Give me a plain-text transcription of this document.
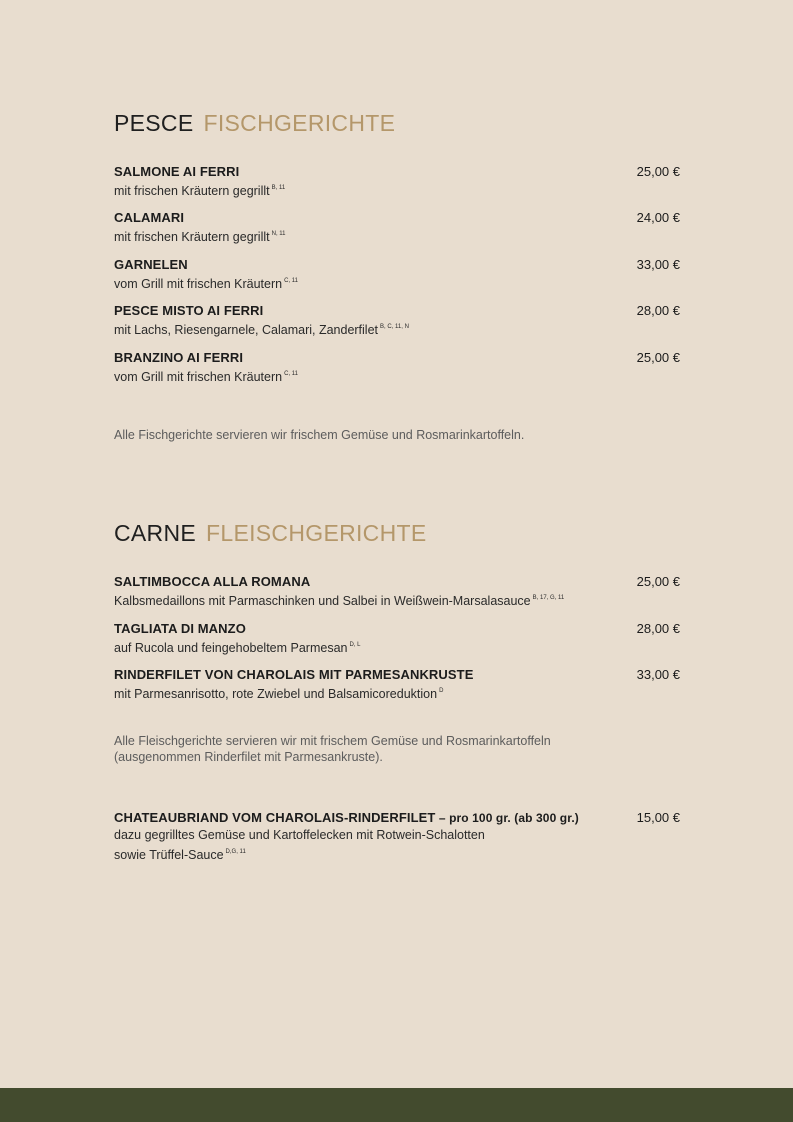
PESCE FISCHGERICHTE
SALMONE AI FERRI	25,00 €
mit frischen Kräutern gegrillt $^{B, 11}$
CALAMARI	24,00 €
mit frischen Kräutern gegrillt $^{N, 11}$
GARNELEN	33,00 €
vom Grill mit frischen Kräutern $^{C, 11}$
PESCE MISTO AI FERRI	28,00 €
mit Lachs, Riesengarnele, Calamari, Zanderfilet $^{B, C, 11, N}$
BRANZINO AI FERRI	25,00 €
vom Grill mit frischen Kräutern $^{C, 11}$
Alle Fischgerichte servieren wir frischem Gemüse und Rosmarinkartoffeln.
CARNE FLEISCHGERICHTE
SALTIMBOCCA ALLA ROMANA	25,00 €
Kalbsmedaillons mit Parmaschinken und Salbei in Weißwein-Marsalasauce $^{B, 17, G, 11}$
TAGLIATA DI MANZO	28,00 €
auf Rucola und feingehobeltem Parmesan $^{D, L}$
RINDERFILET VON CHAROLAIS MIT PARMESANKRUSTE	33,00 €
mit Parmesanrisotto, rote Zwiebel und Balsamicoreduktion $^D$
Alle Fleischgerichte servieren wir mit frischem Gemüse und Rosmarinkartoffeln
(ausgenommen Rinderfilet mit Parmesankruste).
CHATEAUBRIAND VOM CHAROLAIS-RINDERFILET – pro 100 gr. (ab 300 gr.)	15,00 €
dazu gegrilltes Gemüse und Kartoffelecken mit Rotwein-Schalotten
sowie Trüffel-Sauce $^{D,G, 11}$
